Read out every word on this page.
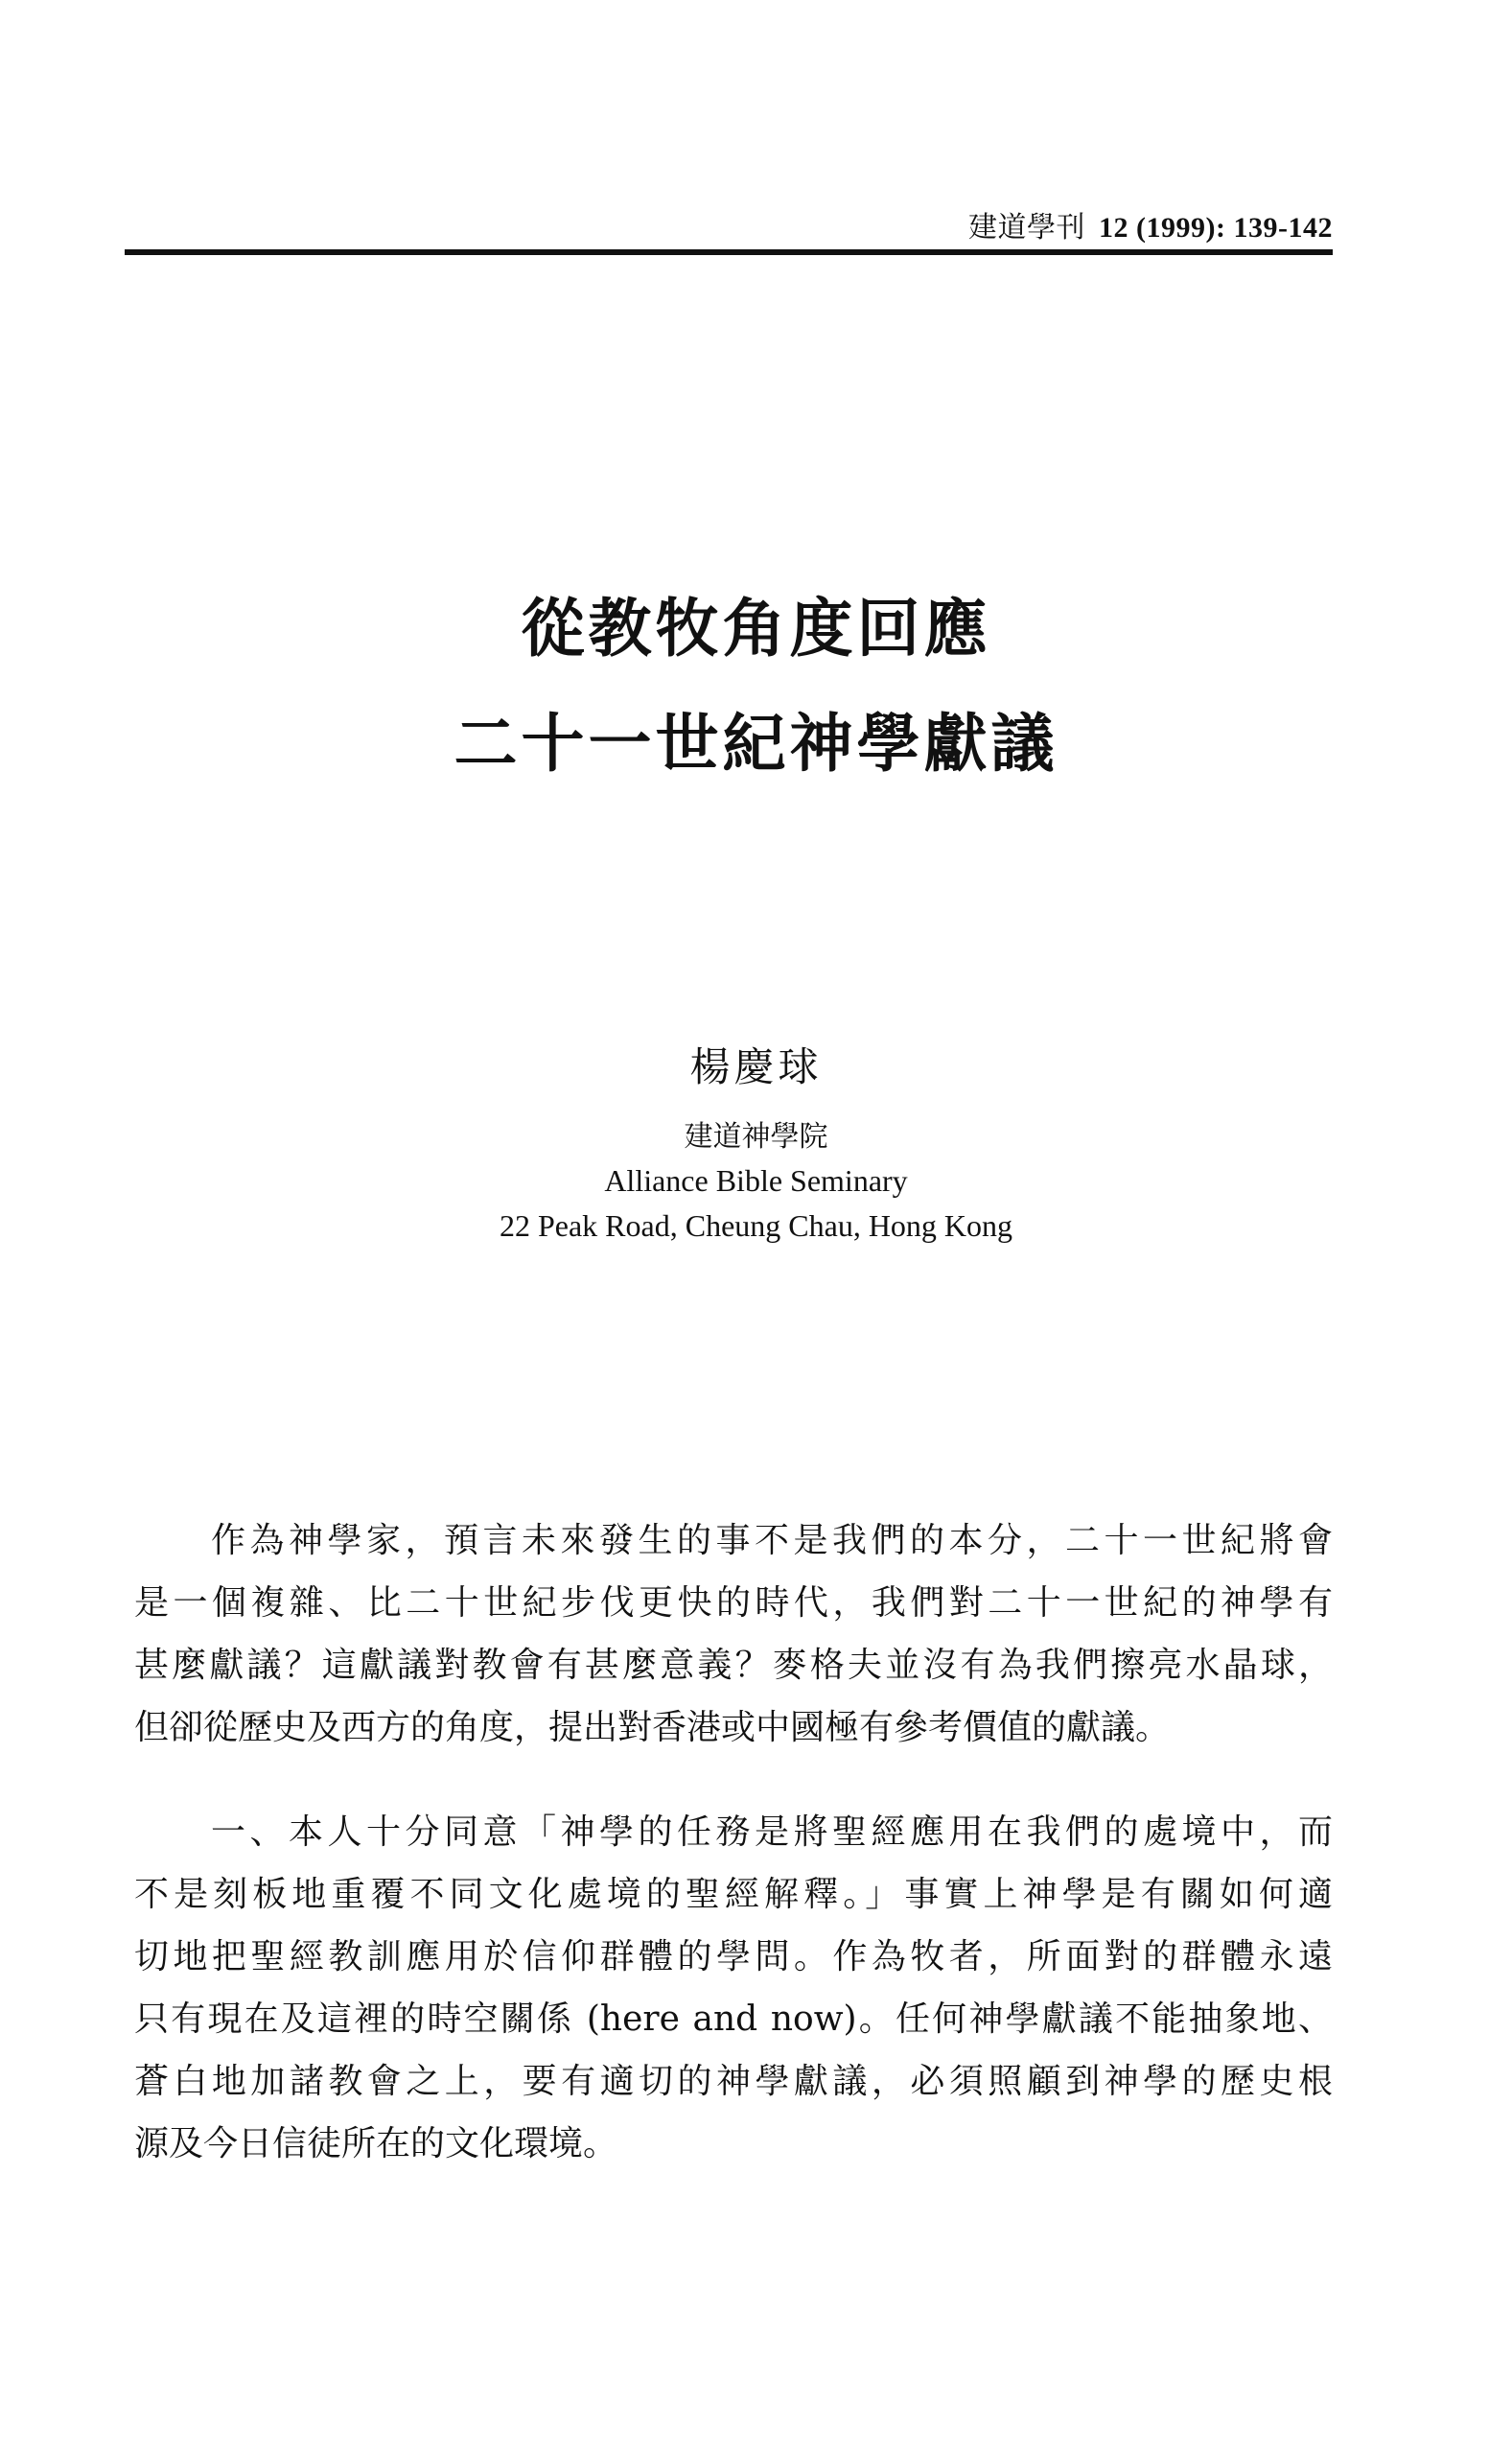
建道學刊 12 (1999): 139-142
從教牧角度回應
二十一世紀神學獻議
楊慶球
建道神學院
Alliance Bible Seminary
22 Peak Road, Cheung Chau, Hong Kong
作為神學家，預言未來發生的事不是我們的本分，二十一世紀將會
是一個複雜、比二十世紀步伐更快的時代，我們對二十一世紀的神學有
甚麼獻議？這獻議對教會有甚麼意義？麥格夫並沒有為我們擦亮水晶球，
但卻從歷史及西方的角度，提出對香港或中國極有參考價值的獻議。
一、本人十分同意「神學的任務是將聖經應用在我們的處境中，而
不是刻板地重覆不同文化處境的聖經解釋。」事實上神學是有關如何適
切地把聖經教訓應用於信仰群體的學問。作為牧者，所面對的群體永遠
只有現在及這裡的時空關係 (here and now)。任何神學獻議不能抽象地、
蒼白地加諸教會之上，要有適切的神學獻議，必須照顧到神學的歷史根
源及今日信徒所在的文化環境。
